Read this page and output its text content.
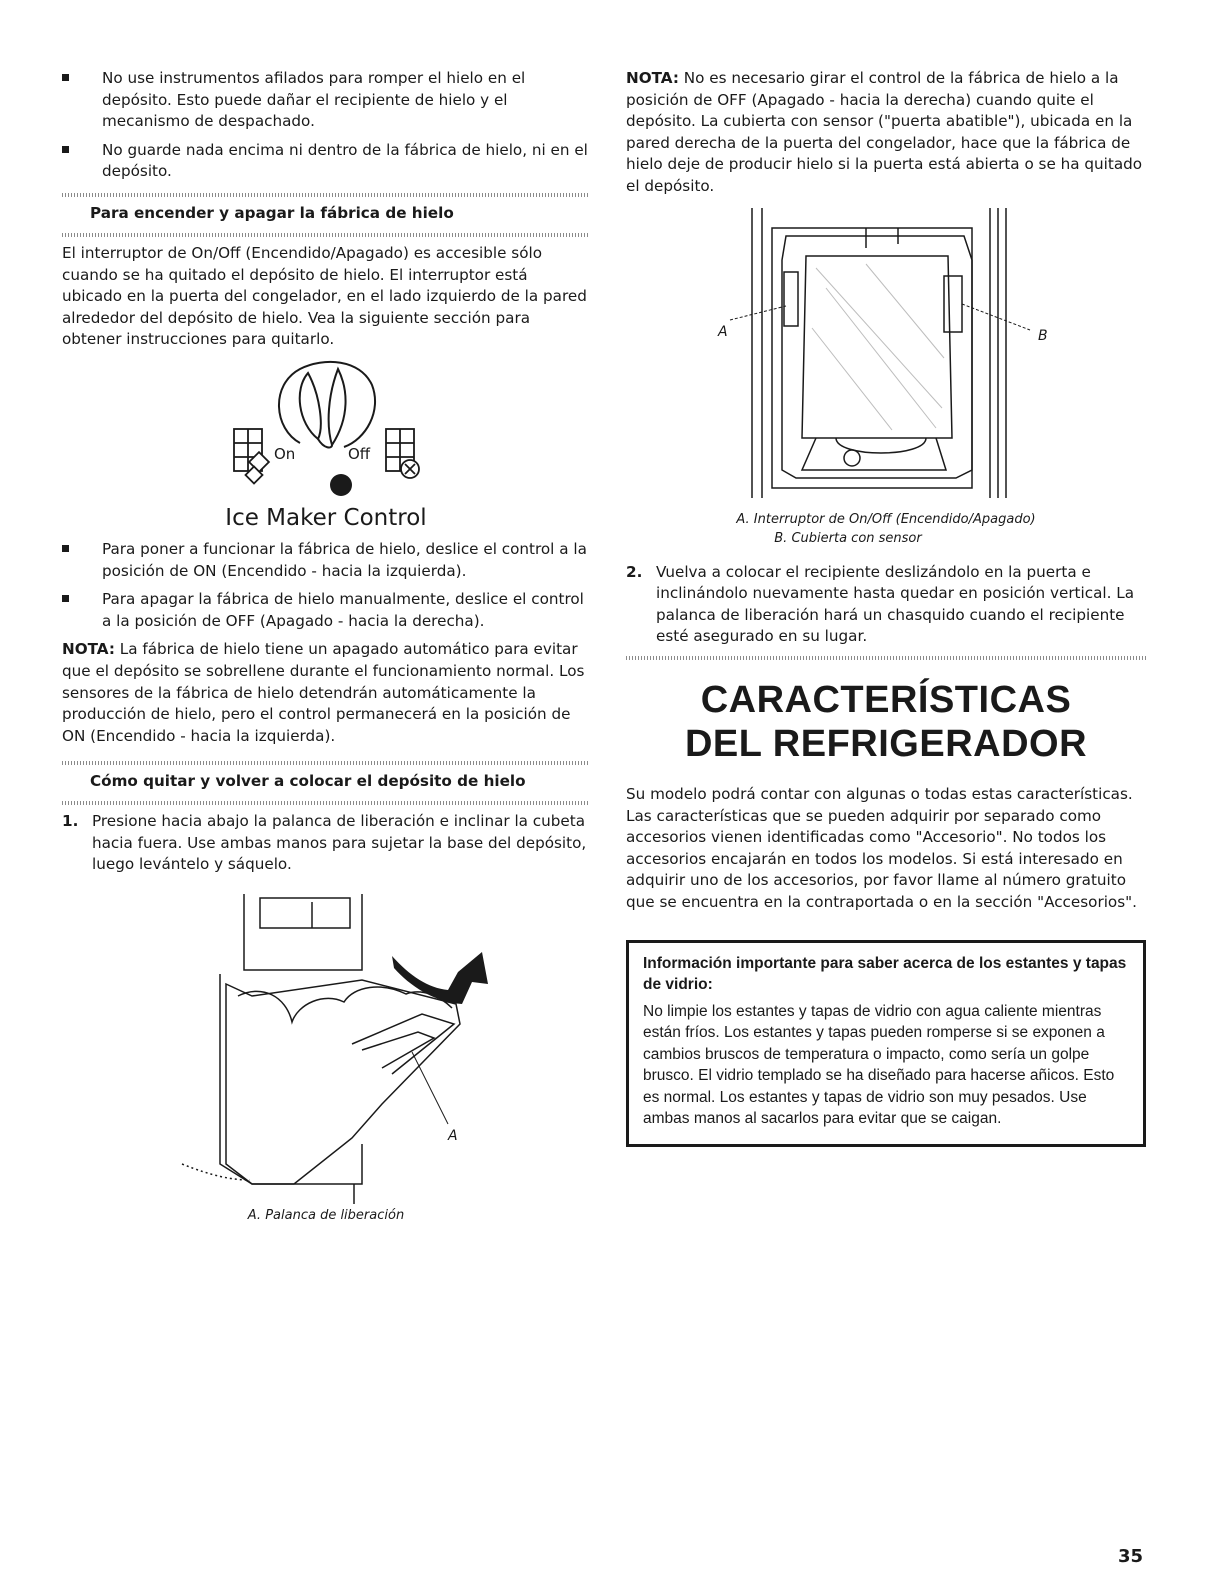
No use instrumentos afilados para romper el hielo en el depósito. Esto puede dañar el recipiente de hielo y el mecanismo de despachado.
No guarde nada encima ni dentro de la fábrica de hielo, ni en el depósito.

Para encender y apagar la fábrica de hielo

El interruptor de On/Off (Encendido/Apagado) es accesible sólo cuando se ha quitado el depósito de hielo. El interruptor está ubicado en la puerta del congelador, en el lado izquierdo de la pared alrededor del depósito de hielo. Vea la siguiente sección para obtener instrucciones para quitarlo.

On	Off
Ice Maker Control
Para poner a funcionar la fábrica de hielo, deslice el control a la posición de ON (Encendido - hacia la izquierda).
Para apagar la fábrica de hielo manualmente, deslice el control a la posición de OFF (Apagado - hacia la derecha).

NOTA: La fábrica de hielo tiene un apagado automático para evitar que el depósito se sobrellene durante el funcionamiento normal. Los sensores de la fábrica de hielo detendrán automáticamente la producción de hielo, pero el control permanecerá en la posición de ON (Encendido - hacia la izquierda).

Cómo quitar y volver a colocar el depósito de hielo

1. Presione hacia abajo la palanca de liberación e inclinar la cubeta hacia fuera. Use ambas manos para sujetar la base del depósito, luego levántelo y sáquelo.
A

A. Palanca de liberación

NOTA: No es necesario girar el control de la fábrica de hielo a la posición de OFF (Apagado - hacia la derecha) cuando quite el depósito. La cubierta con sensor ("puerta abatible"), ubicada en la pared derecha de la puerta del congelador, hace que la fábrica de hielo deje de producir hielo si la puerta está abierta o se ha quitado el depósito.

A	B

A. Interruptor de On/Off (Encendido/Apagado)

B. Cubierta con sensor

2. Vuelva a colocar el recipiente deslizándolo en la puerta e inclinándolo nuevamente hasta quedar en posición vertical. La palanca de liberación hará un chasquido cuando el recipiente esté asegurado en su lugar.
CARACTERÍSTICAS
DEL REFRIGERADOR

Su modelo podrá contar con algunas o todas estas características. Las características que se pueden adquirir por separado como accesorios vienen identificadas como "Accesorio". No todos los accesorios encajarán en todos los modelos. Si está interesado en adquirir uno de los accesorios, por favor llame al número gratuito que se encuentra en la contraportada o en la sección "Accesorios".

Información importante para saber acerca de los estantes y tapas de vidrio:
No limpie los estantes y tapas de vidrio con agua caliente mientras están fríos. Los estantes y tapas pueden romperse si se exponen a cambios bruscos de temperatura o impacto, como sería un golpe brusco. El vidrio templado se ha diseñado para hacerse añicos. Esto es normal. Los estantes y tapas de vidrio son muy pesados. Use ambas manos al sacarlos para evitar que se caigan.
35
